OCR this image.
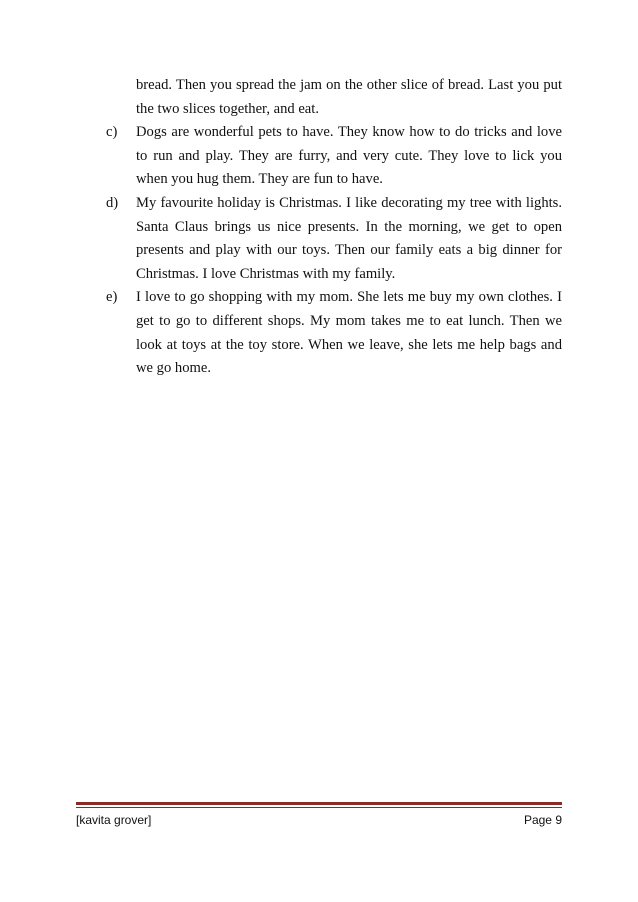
bread. Then you spread the jam on the other slice of bread. Last you put the two slices together, and eat.

c)	Dogs are wonderful pets to have. They know how to do tricks and love to run and play. They are furry, and very cute. They love to lick you when you hug them. They are fun to have.

d)	My favourite holiday is Christmas. I like decorating my tree with lights. Santa Claus brings us nice presents. In the morning, we get to open presents and play with our toys. Then our family eats a big dinner for Christmas. I love Christmas with my family.

e)	I love to go shopping with my mom. She lets me buy my own clothes. I get to go to different shops. My mom takes me to eat lunch. Then we look at toys at the toy store. When we leave, she lets me help bags and we go home.

[kavita grover]	Page 9
